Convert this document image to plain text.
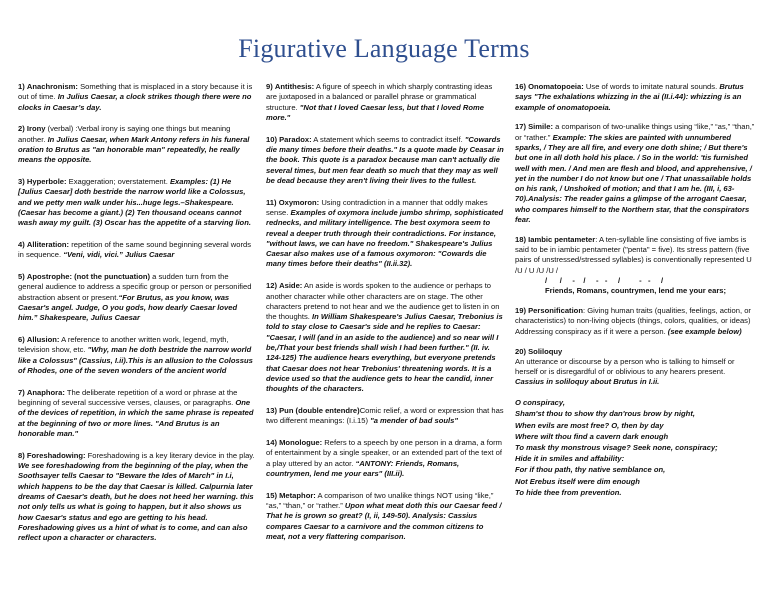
Figurative Language Terms
1) Anachronism: Something that is misplaced in a story because it is out of time. In Julius Caesar, a clock strikes though there were no clocks in Caesar’s day.
2) Irony (verbal) :Verbal irony is saying one things but meaning another. In Julius Caesar, when Mark Antony refers in his funeral oration to Brutus as "an honorable man" repeatedly, he really means the opposite.
3) Hyperbole: Exaggeration; overstatement. Examples: (1) He [Julius Caesar] doth bestride the narrow world like a Colossus, and we petty men walk under his...huge legs.–Shakespeare. (Caesar has become a giant.) (2) Ten thousand oceans cannot wash away my guilt. (3) Oscar has the appetite of a starving lion.
4) Alliteration: repetition of the same sound beginning several words in sequence. “Veni, vidi, vici.” Julius Caesar
5) Apostrophe: (not the punctuation) a sudden turn from the general audience to address a specific group or person or personified abstraction absent or present.“For Brutus, as you know, was Caesar's angel. Judge, O you gods, how dearly Caesar loved him.” Shakespeare, Julius Caesar
6) Allusion: A reference to another written work, legend, myth, television show, etc. "Why, man he doth bestride the narrow world like a Colossus" (Cassius, I.ii).This is an allusion to the Colossus of Rhodes, one of the seven wonders of the ancient world
7) Anaphora: The deliberate repetition of a word or phrase at the beginning of several successive verses, clauses, or paragraphs. One of the devices of repetition, in which the same phrase is repeated at the beginning of two or more lines. "And Brutus is an honorable man."
8) Foreshadowing: Foreshadowing is a key literary device in the play. We see foreshadowing from the beginning of the play, when the Soothsayer tells Caesar to "Beware the Ides of March" in I.i, which happens to be the day that Caesar is killed. Calpurnia later dreams of Caesar's death, but he does not heed her warning. this not only tells us what is going to happen, but it also shows us how Caesar's status and ego are getting to his head. Foreshadowing gives us a hint of what is to come, and can also reflect upon a character or characters.
9) Antithesis: A figure of speech in which sharply contrasting ideas are juxtaposed in a balanced or parallel phrase or grammatical structure. "Not that I loved Caesar less, but that I loved Rome more."
10) Paradox: A statement which seems to contradict itself. "Cowards die many times before their deaths." Is a quote made by Ceasar in the book. This quote is a paradox because man can't actually die several times, but men fear death so much that they may as well be dead because they aren't living their lives to the fullest.
11) Oxymoron: Using contradiction in a manner that oddly makes sense. Examples of oxymora include jumbo shrimp, sophisticated rednecks, and military intelligence. The best oxymora seem to reveal a deeper truth through their contradictions. For instance, "without laws, we can have no freedom." Shakespeare's Julius Caesar also makes use of a famous oxymoron: "Cowards die many times before their deaths" (II.ii.32).
12) Aside: An aside is words spoken to the audience or perhaps to another character while other characters are on stage. The other characters pretend to not hear and we the audience get to listen in on the thoughts. In William Shakespeare's Julius Caesar, Trebonius is told to stay close to Caesar's side and he replies to Caesar: "Caesar, I will (and in an aside to the audience) and so near will I be,/That your best friends shall wish I had been further." (II. iv. 124-125) The audience hears everything, but everyone pretends that Caesar does not hear Trebonius' threatening words. It is a device used so that the audience gets to hear the candid, inner thoughts of the characters.
13) Pun (double entendre)Comic relief, a word or expression that has two different meanings: (I.i.15) "a mender of bad souls"
14) Monologue: Refers to a speech by one person in a drama, a form of entertainment by a single speaker, or an extended part of the text of a play uttered by an actor. “ANTONY: Friends, Romans, countrymen, lend me your ears" (III.ii).
15) Metaphor: A comparison of two unalike things NOT using “like,” “as,” “than,” or “rather.” Upon what meat doth this our Caesar feed / That he is grown so great? (I, ii, 149-50). Analysis: Cassius compares Caesar to a carnivore and the common citizens to meat, not a very flattering comparison.
16) Onomatopoeia: Use of words to imitate natural sounds. Brutus says "The exhalations whizzing in the ai (II.i.44): whizzing is an example of onomatopoeia.
17) Simile: a comparison of two-unalike things using “like,” “as,” “than,” or “rather.” Example: The skies are painted with unnumbered sparks, / They are all fire, and every one doth shine; / But there's but one in all doth hold his place. / So in the world: 'tis furnished well with men. / And men are flesh and blood, and apprehensive, / yet in the number I do not know but one / That unassailable holds on his rank, / Unshoked of motion; and that I am he. (III, i, 63-70).Analysis: The reader gains a glimpse of the arrogant Caesar, who compares himself to the Northern star, that the conspirators fear.
18) Iambic pentameter: A ten-syllable line consisting of five iambs is said to be in iambic pentameter ("penta" = five). Its stress pattern (five pairs of unstressed/stressed syllables) is conventionally represented U /U / U /U /U /
/      /     -    /     -   -     /         -   -     /
Friends, Romans, countrymen, lend me your ears;
19) Personification: Giving human traits (qualities, feelings, action, or characteristics) to non-living objects (things, colors, qualities, or ideas) Addressing conspiracy as if it were a person. (see example below)
20) Soliloquy
An utterance or discourse by a person who is talking to himself or herself or is disregardful of or oblivious to any hearers present. Cassius in soliloquy about Brutus in I.ii.
O conspiracy,
Sham'st thou to show thy dan'rous brow by night,
When evils are most free? O, then by day
Where wilt thou find a cavern dark enough
To mask thy monstrous visage? Seek none, conspiracy;
Hide it in smiles and affability:
For if thou path, thy native semblance on,
Not Erebus itself were dim enough
To hide thee from prevention.
